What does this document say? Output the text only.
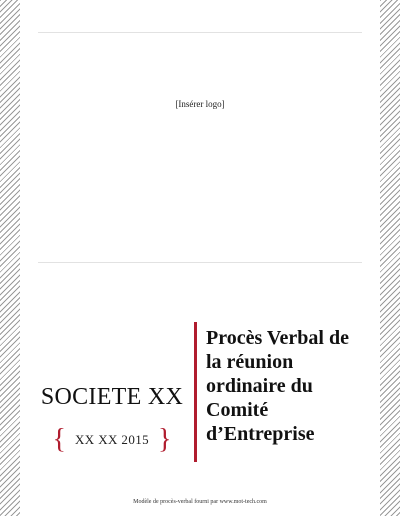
[Insérer logo]
SOCIETE XX
{ XX XX 2015 }
Procès Verbal de
la réunion
ordinaire du
Comité
d’Entreprise
Modèle de procès-verbal fourni par www.mot-tech.com
